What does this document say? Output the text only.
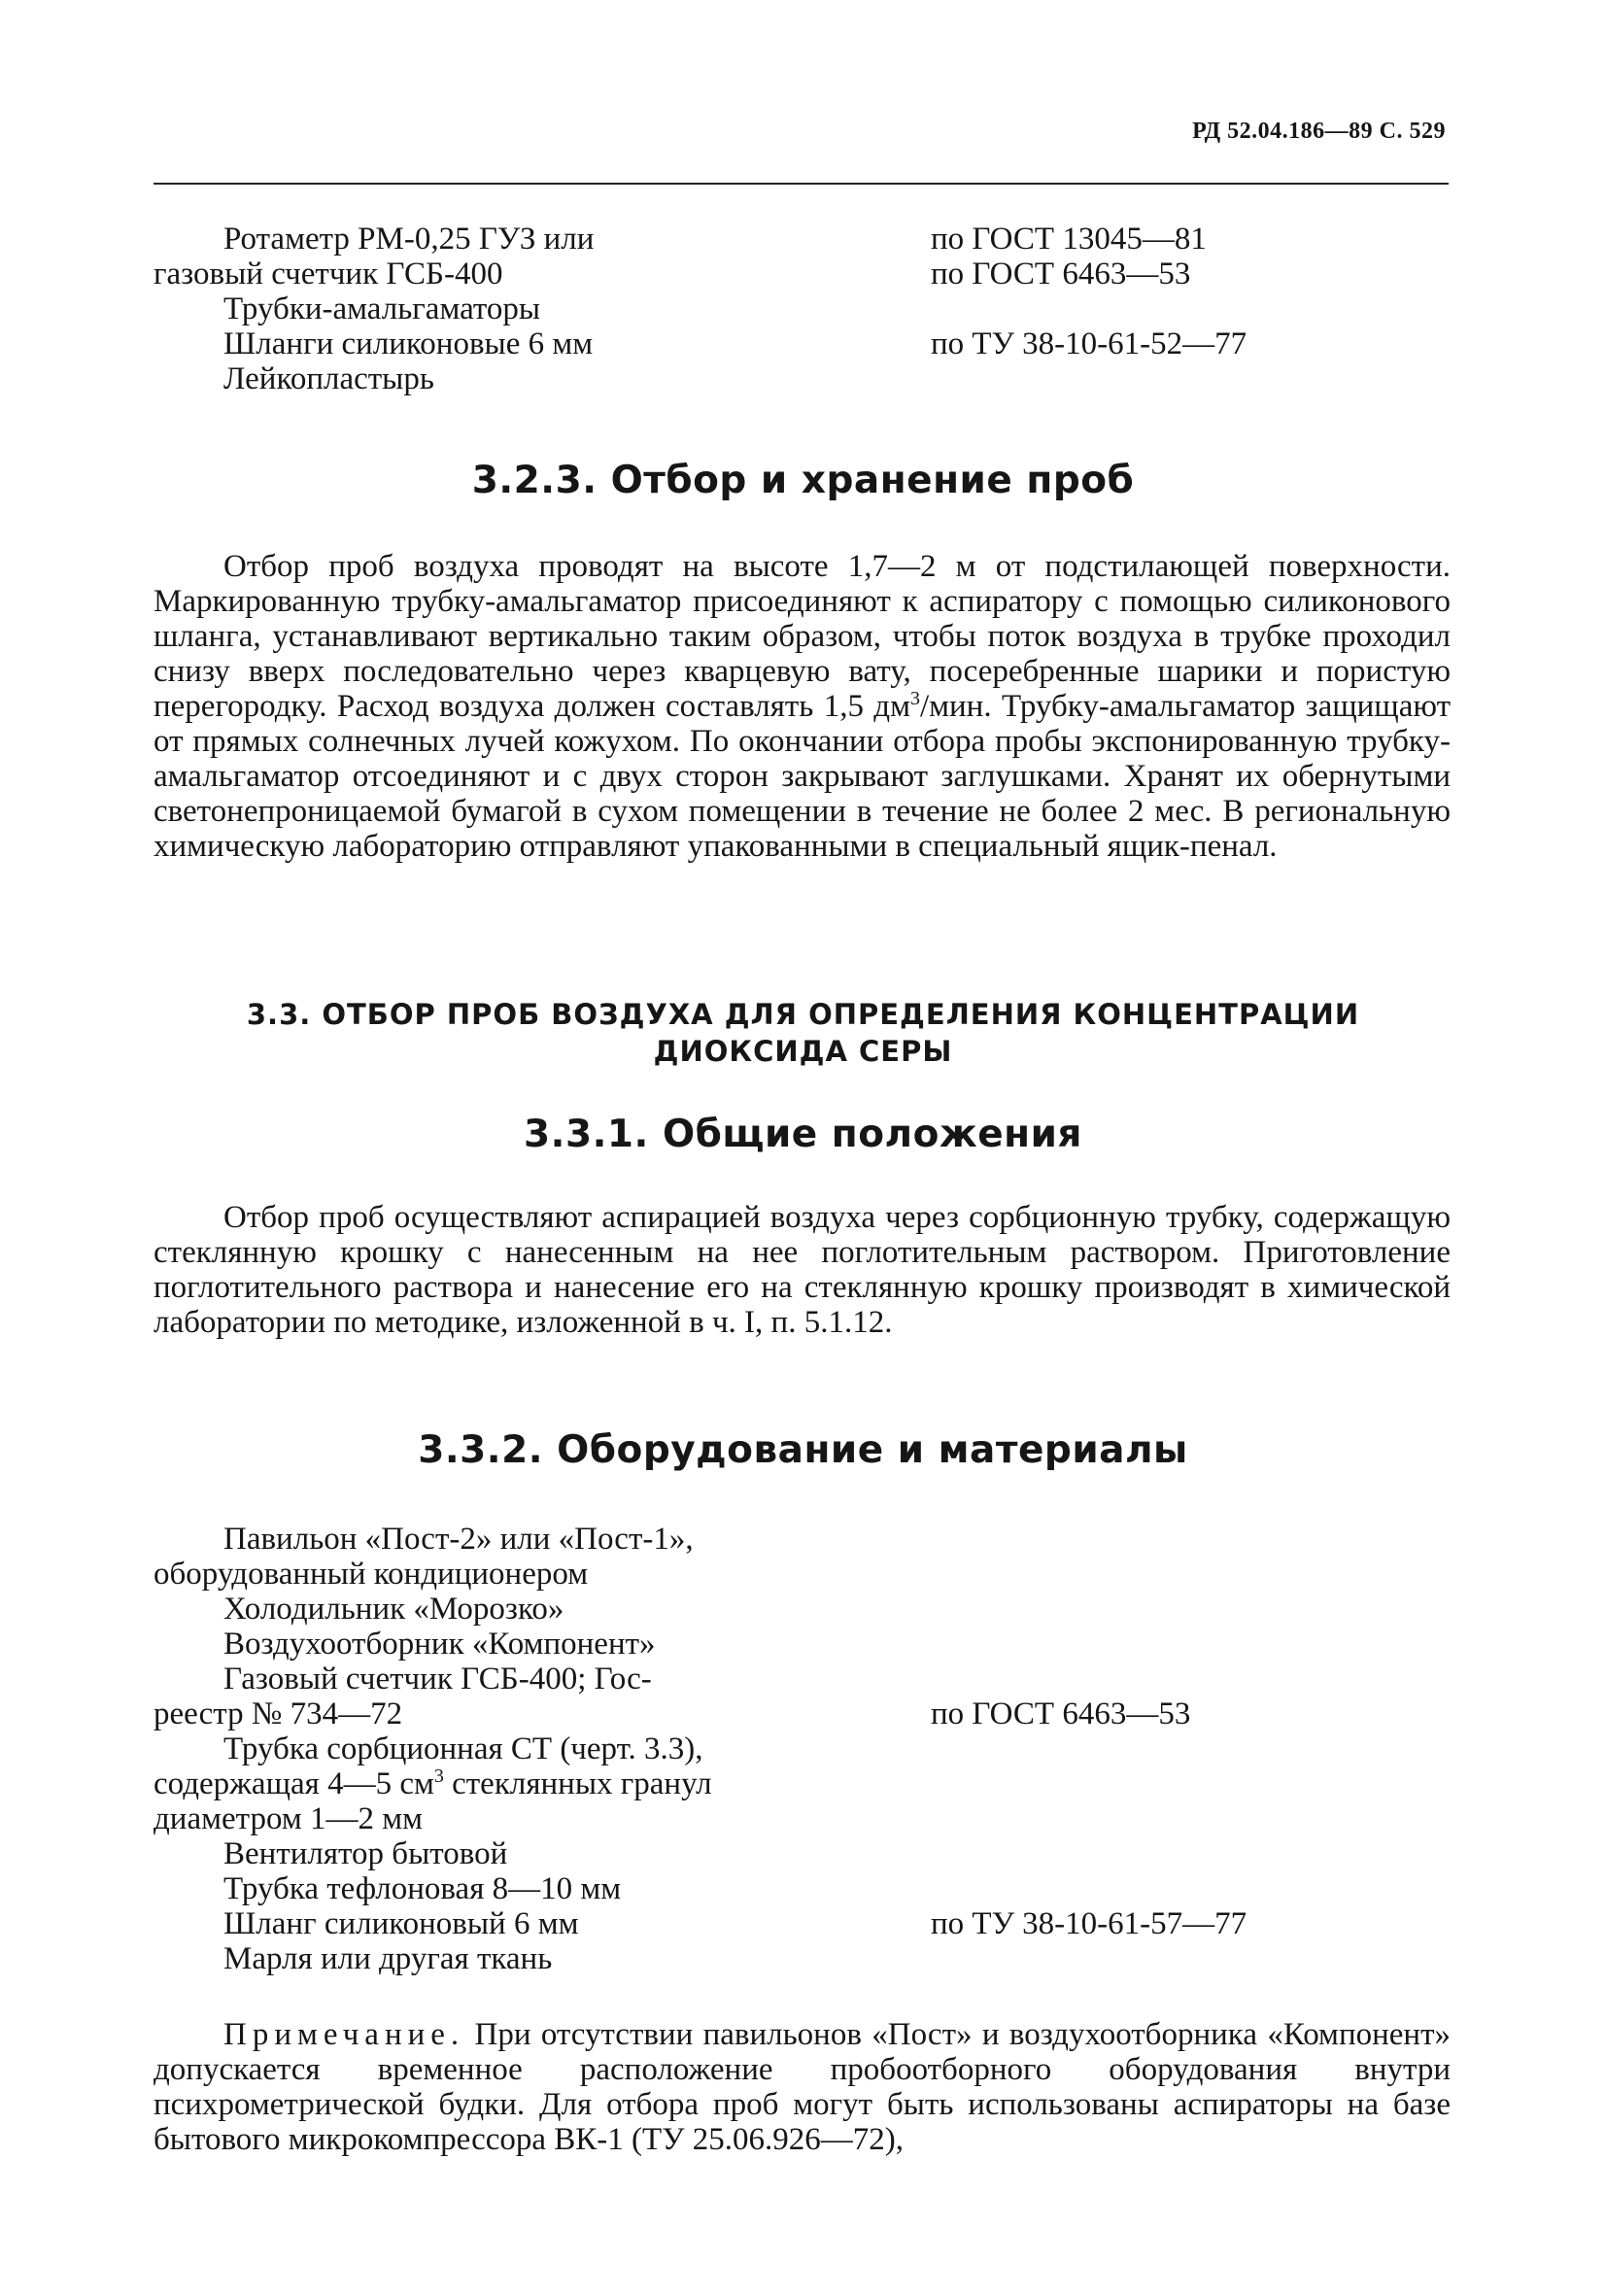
РД 52.04.186—89 С. 529
Ротаметр РМ-0,25 ГУЗ или	по ГОСТ 13045—81
газовый счетчик ГСБ-400	по ГОСТ 6463—53
Трубки-амальгаматоры
Шланги силиконовые 6 мм	по ТУ 38-10-61-52—77
Лейкопластырь
3.2.3. Отбор и хранение проб

Отбор проб воздуха проводят на высоте 1,7—2 м от подстилающей поверхности. Маркированную трубку-амальгаматор присоединяют к аспиратору с помощью силиконового шланга, устанавливают вертикально таким образом, чтобы поток воздуха в трубке проходил снизу вверх последовательно через кварцевую вату, посеребренные шарики и пористую перегородку. Расход воздуха должен составлять 1,5 $дм^3$/мин. Трубку-амальгаматор защищают от прямых солнечных лучей кожухом. По окончании отбора пробы экспонированную трубку-амальгаматор отсоединяют и с двух сторон закрывают заглушками. Хранят их обернутыми светонепроницаемой бумагой в сухом помещении в течение не более 2 мес. В региональную химическую лабораторию отправляют упакованными в специальный ящик-пенал.

3.3. ОТБОР ПРОБ ВОЗДУХА ДЛЯ ОПРЕДЕЛЕНИЯ КОНЦЕНТРАЦИИ
ДИОКСИДА СЕРЫ
3.3.1. Общие положения

Отбор проб осуществляют аспирацией воздуха через сорбционную трубку, содержащую стеклянную крошку с нанесенным на нее поглотительным раствором. Приготовление поглотительного раствора и нанесение его на стеклянную крошку производят в химической лаборатории по методике, изложенной в ч. I, п. 5.1.12.

3.3.2. Оборудование и материалы
Павильон «Пост-2» или «Пост-1»,
оборудованный кондиционером
Холодильник «Морозко»
Воздухоотборник «Компонент»
Газовый счетчик ГСБ-400; Гос-
реестр № 734—72	по ГОСТ 6463—53
Трубка сорбционная СТ (черт. 3.3),
содержащая 4—5 $см^3$ стеклянных гранул
диаметром 1—2 мм
Вентилятор бытовой
Трубка тефлоновая 8—10 мм
Шланг силиконовый 6 мм	по ТУ 38-10-61-57—77
Марля или другая ткань

Примечание. При отсутствии павильонов «Пост» и воздухоотборника «Компонент» допускается временное расположение пробоотборного оборудования внутри психрометрической будки. Для отбора проб могут быть использованы аспираторы на базе бытового микрокомпрессора ВК-1 (ТУ 25.06.926—72),
